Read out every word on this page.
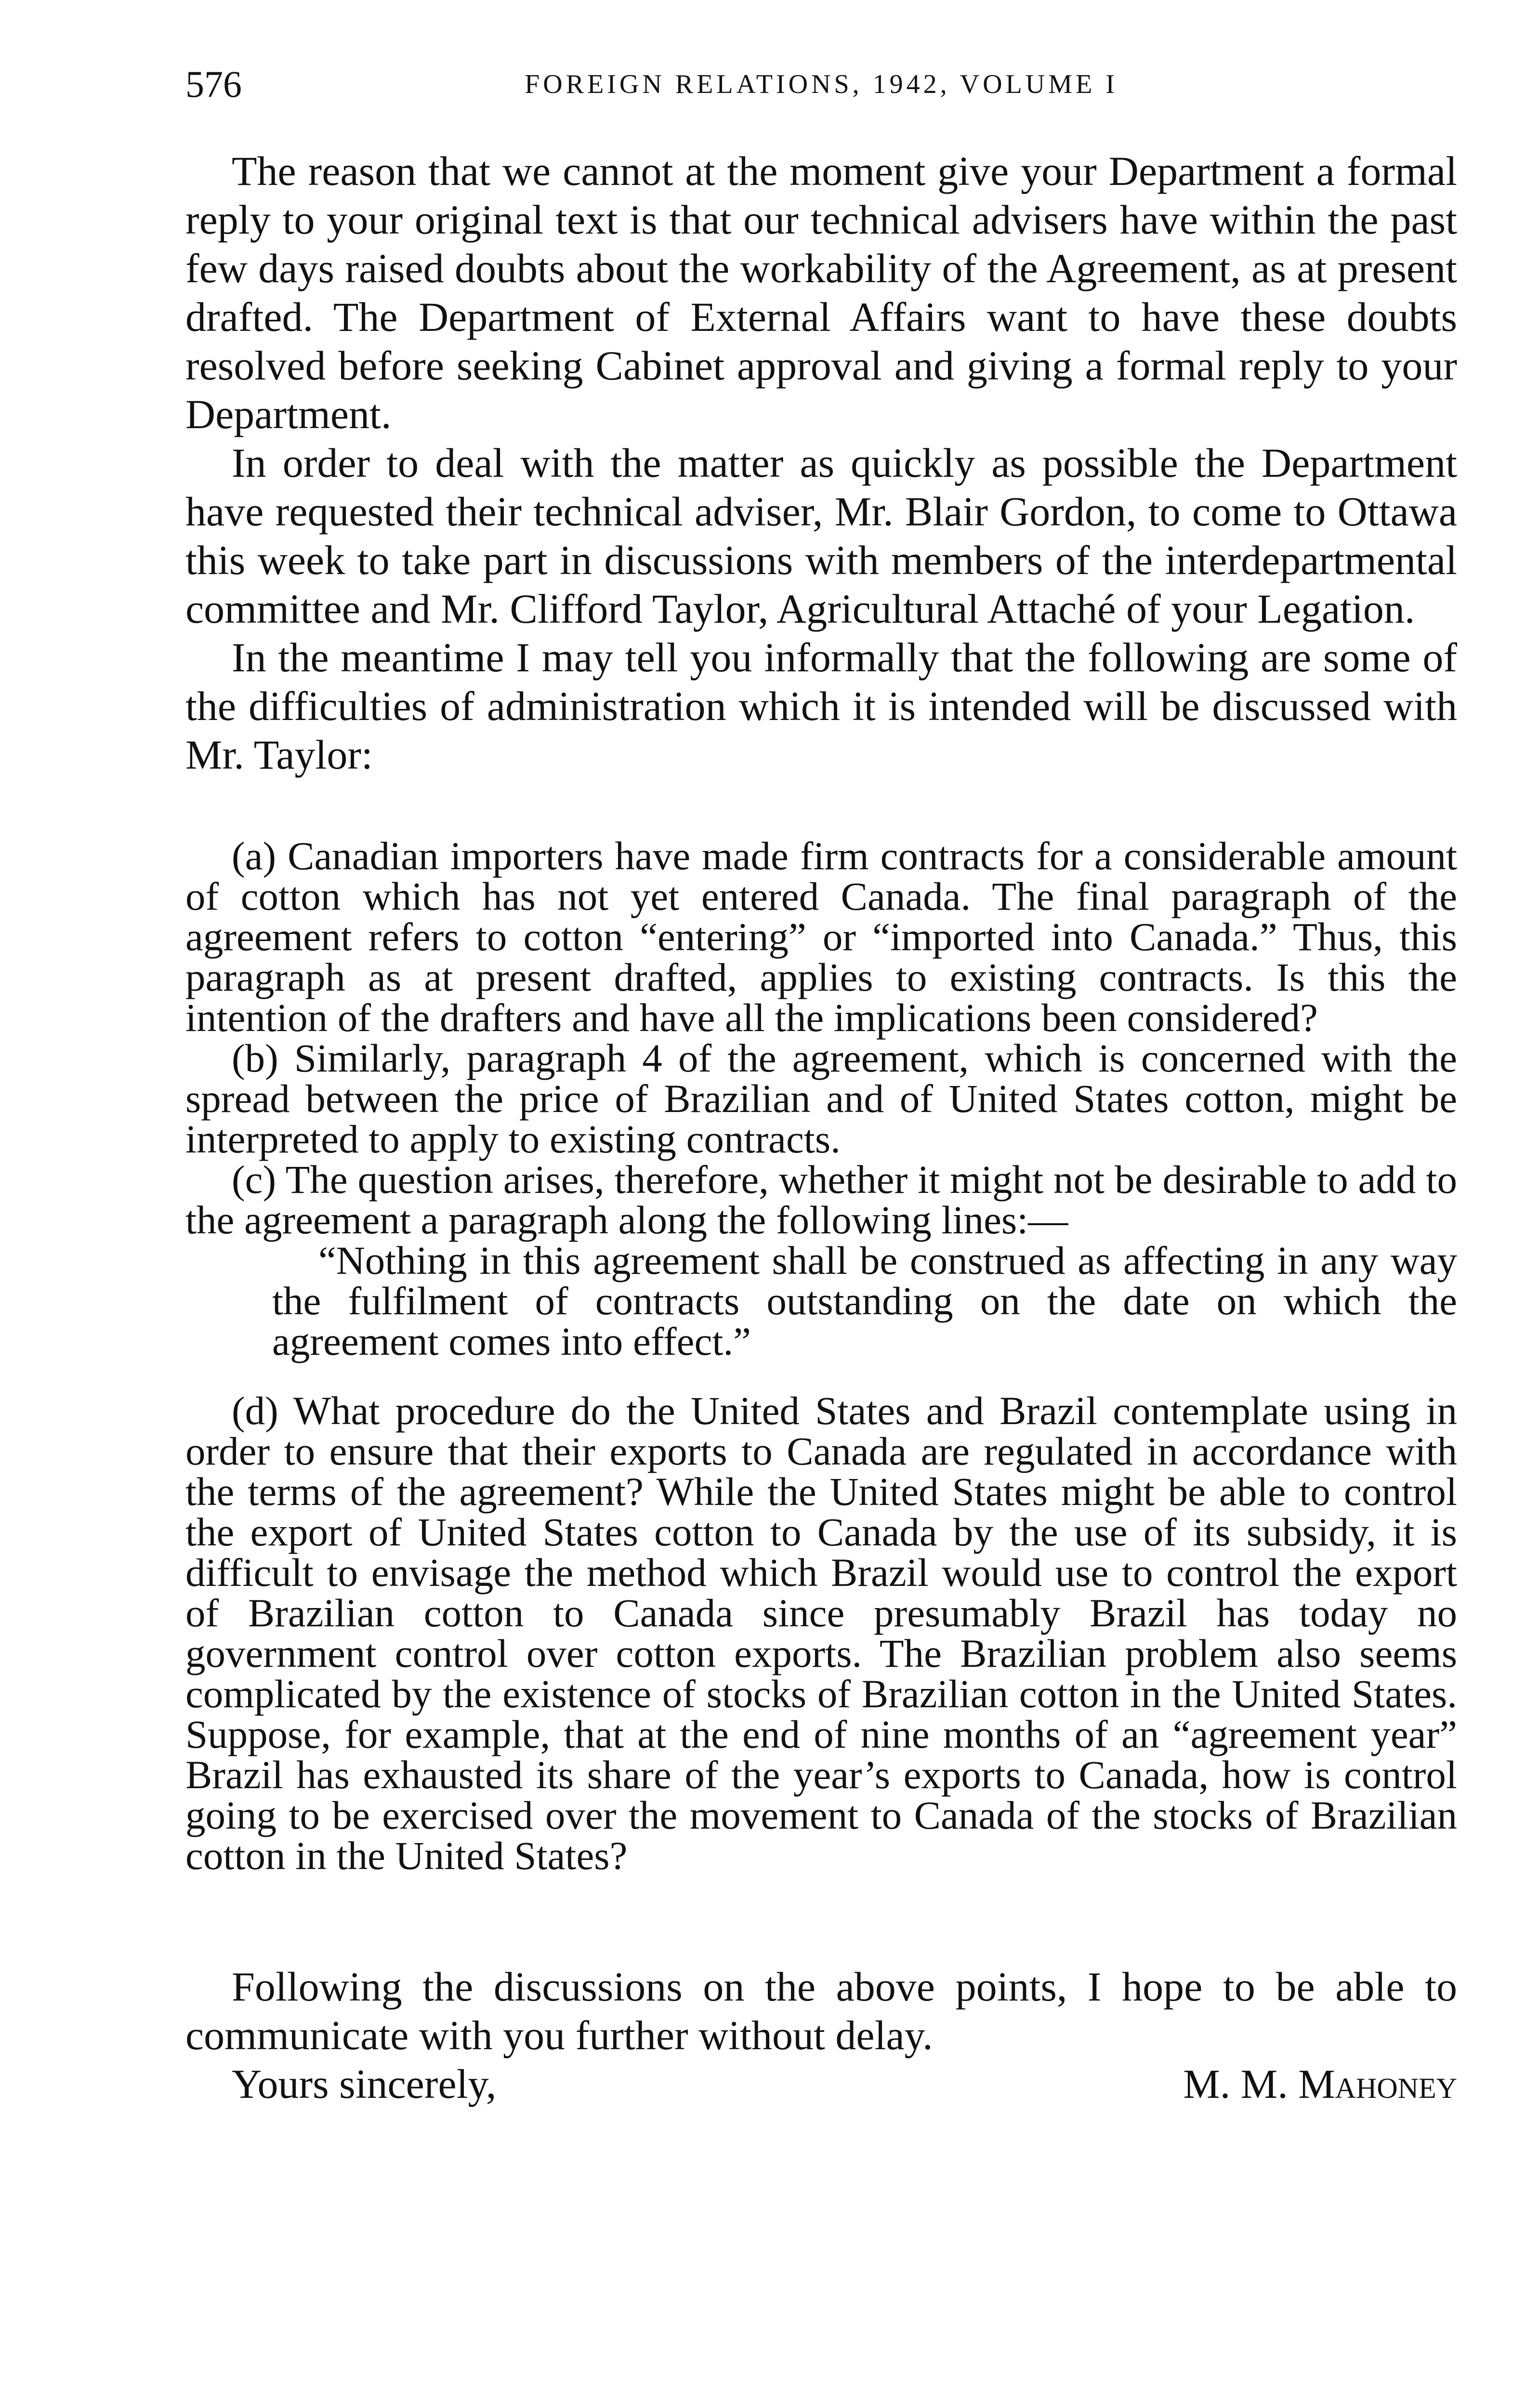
576	FOREIGN RELATIONS, 1942, VOLUME I

The reason that we cannot at the moment give your Department a formal reply to your original text is that our technical advisers have within the past few days raised doubts about the workability of the Agreement, as at present drafted. The Department of External Affairs want to have these doubts resolved before seeking Cabinet approval and giving a formal reply to your Department.

In order to deal with the matter as quickly as possible the Department have requested their technical adviser, Mr. Blair Gordon, to come to Ottawa this week to take part in discussions with members of the interdepartmental committee and Mr. Clifford Taylor, Agricultural Attaché of your Legation.

In the meantime I may tell you informally that the following are some of the difficulties of administration which it is intended will be discussed with Mr. Taylor:

(a) Canadian importers have made firm contracts for a considerable amount of cotton which has not yet entered Canada. The final paragraph of the agreement refers to cotton “entering” or “imported into Canada.” Thus, this paragraph as at present drafted, applies to existing contracts. Is this the intention of the drafters and have all the implications been considered?

(b) Similarly, paragraph 4 of the agreement, which is concerned with the spread between the price of Brazilian and of United States cotton, might be interpreted to apply to existing contracts.

(c) The question arises, therefore, whether it might not be desirable to add to the agreement a paragraph along the following lines:—

“Nothing in this agreement shall be construed as affecting in any way the fulfilment of contracts outstanding on the date on which the agreement comes into effect.”

(d) What procedure do the United States and Brazil contemplate using in order to ensure that their exports to Canada are regulated in accordance with the terms of the agreement? While the United States might be able to control the export of United States cotton to Canada by the use of its subsidy, it is difficult to envisage the method which Brazil would use to control the export of Brazilian cotton to Canada since presumably Brazil has today no government control over cotton exports. The Brazilian problem also seems complicated by the existence of stocks of Brazilian cotton in the United States. Suppose, for example, that at the end of nine months of an “agreement year” Brazil has exhausted its share of the year’s exports to Canada, how is control going to be exercised over the movement to Canada of the stocks of Brazilian cotton in the United States?

Following the discussions on the above points, I hope to be able to communicate with you further without delay.

Yours sincerely,	M. M. Mahoney
